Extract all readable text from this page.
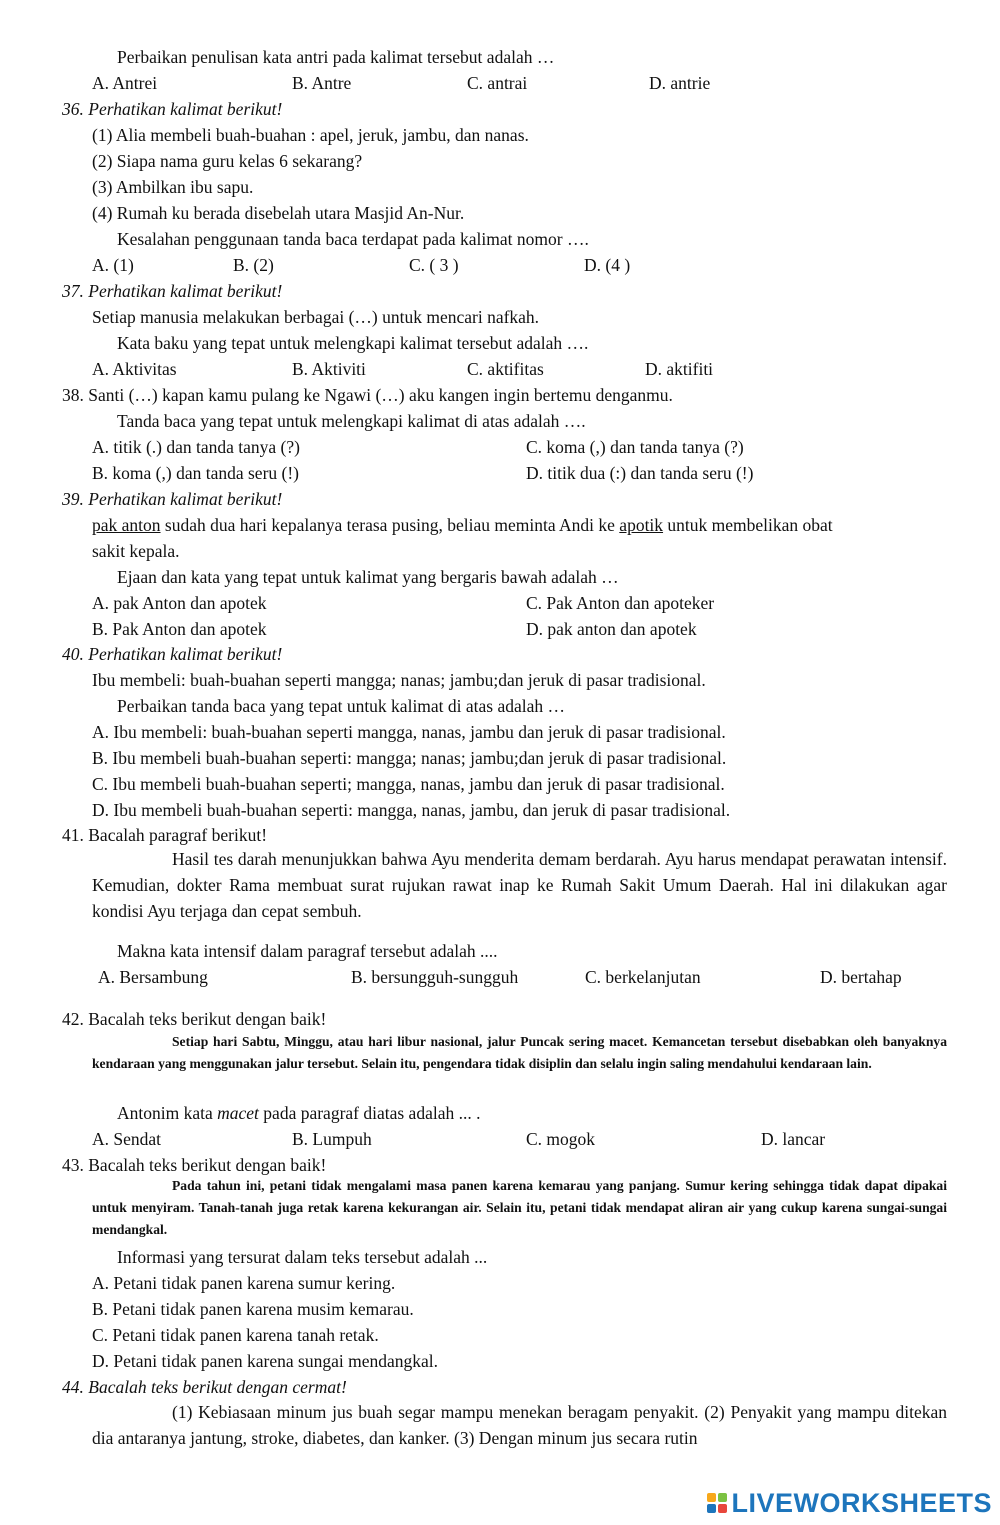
Perbaikan penulisan kata antri pada kalimat tersebut adalah …
A. Antrei	B. Antre	C. antrai	D. antrie
36. Perhatikan kalimat berikut!
(1) Alia membeli buah-buahan : apel, jeruk, jambu, dan nanas.
(2) Siapa nama guru kelas 6 sekarang?
(3) Ambilkan ibu sapu.
(4) Rumah ku berada disebelah utara Masjid An-Nur.
Kesalahan penggunaan tanda baca terdapat pada kalimat nomor ….
A. (1)	B. (2)	C. ( 3 )	D. (4 )
37. Perhatikan kalimat berikut!
Setiap manusia melakukan berbagai (…) untuk mencari nafkah.
Kata baku yang tepat untuk melengkapi kalimat tersebut adalah ….
A. Aktivitas	B. Aktiviti	C. aktifitas	D. aktifiti
38. Santi (…) kapan kamu pulang ke Ngawi (…) aku kangen ingin bertemu denganmu.
Tanda baca yang tepat untuk melengkapi kalimat di atas adalah ….
A. titik (.) dan tanda tanya (?)	C. koma (,) dan tanda tanya (?)
B. koma (,) dan tanda seru (!)	D. titik dua (:) dan tanda seru (!)
39. Perhatikan kalimat berikut!
pak anton sudah dua hari kepalanya terasa pusing, beliau meminta Andi ke apotik untuk membelikan obat
sakit kepala.
Ejaan dan kata yang tepat untuk kalimat yang bergaris bawah adalah …
A. pak Anton dan apotek	C. Pak Anton dan apoteker
B. Pak Anton dan apotek	D. pak anton dan apotek
40. Perhatikan kalimat berikut!
Ibu membeli: buah-buahan seperti mangga; nanas; jambu;dan jeruk di pasar tradisional.
Perbaikan tanda baca yang tepat untuk kalimat di atas adalah …
A. Ibu membeli: buah-buahan seperti mangga, nanas, jambu dan jeruk di pasar tradisional.
B. Ibu membeli buah-buahan seperti: mangga; nanas; jambu;dan jeruk di pasar tradisional.
C. Ibu membeli buah-buahan seperti; mangga, nanas, jambu dan jeruk di pasar tradisional.
D. Ibu membeli buah-buahan seperti: mangga, nanas, jambu, dan jeruk di pasar tradisional.
41. Bacalah paragraf berikut!
Hasil tes darah menunjukkan bahwa Ayu menderita demam berdarah. Ayu harus mendapat perawatan intensif. Kemudian, dokter Rama membuat surat rujukan rawat inap ke Rumah Sakit Umum Daerah. Hal ini dilakukan agar kondisi Ayu terjaga dan cepat sembuh.
Makna kata intensif dalam paragraf tersebut adalah ....
A. Bersambung	B. bersungguh-sungguh	C. berkelanjutan	D. bertahap
42. Bacalah teks berikut dengan baik!
Setiap hari Sabtu, Minggu, atau hari libur nasional, jalur Puncak sering macet. Kemancetan tersebut disebabkan oleh banyaknya kendaraan yang menggunakan jalur tersebut. Selain itu, pengendara tidak disiplin dan selalu ingin saling mendahului kendaraan lain.
Antonim kata macet pada paragraf diatas adalah ... .
A. Sendat	B. Lumpuh	C. mogok	D. lancar
43. Bacalah teks berikut dengan baik!
Pada tahun ini, petani tidak mengalami masa panen karena kemarau yang panjang. Sumur kering sehingga tidak dapat dipakai untuk menyiram. Tanah-tanah juga retak karena kekurangan air. Selain itu, petani tidak mendapat aliran air yang cukup karena sungai-sungai mendangkal.
Informasi yang tersurat dalam teks tersebut adalah ...
A. Petani tidak panen karena sumur kering.
B. Petani tidak panen karena musim kemarau.
C. Petani tidak panen karena tanah retak.
D. Petani tidak panen karena sungai mendangkal.
44. Bacalah teks berikut dengan cermat!
(1) Kebiasaan minum jus buah segar mampu menekan beragam penyakit. (2) Penyakit yang mampu ditekan dia antaranya jantung, stroke, diabetes, dan kanker. (3) Dengan minum jus secara rutin
LIVEWORKSHEETS
